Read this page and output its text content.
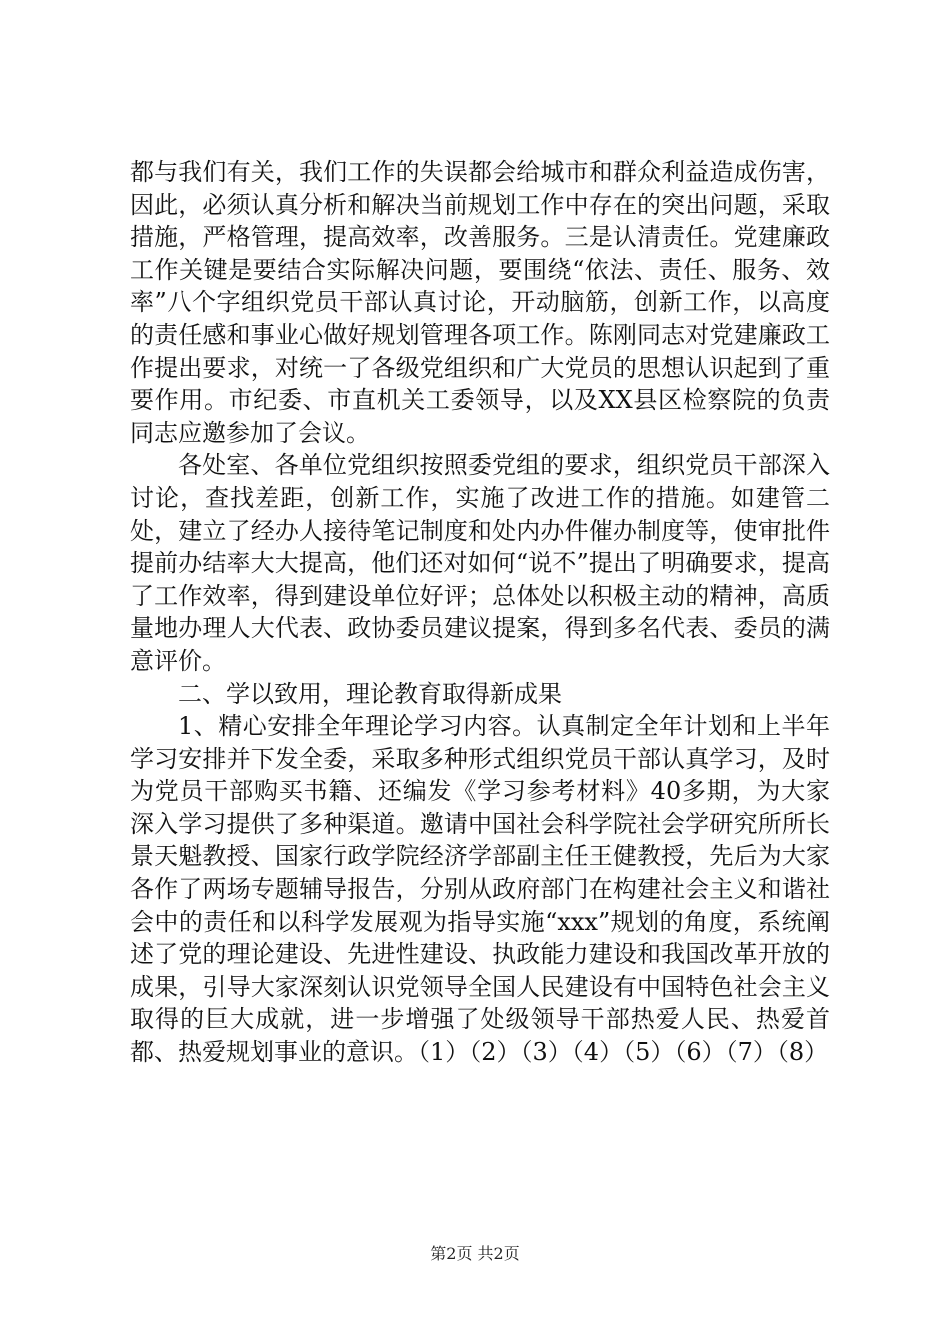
都与我们有关，我们工作的失误都会给城市和群众利益造成伤害，因此，必须认真分析和解决当前规划工作中存在的突出问题，采取措施，严格管理，提高效率，改善服务。三是认清责任。党建廉政工作关键是要结合实际解决问题，要围绕“依法、责任、服务、效率”八个字组织党员干部认真讨论，开动脑筋，创新工作，以高度的责任感和事业心做好规划管理各项工作。陈刚同志对党建廉政工作提出要求，对统一了各级党组织和广大党员的思想认识起到了重要作用。市纪委、市直机关工委领导，以及XX县区检察院的负责同志应邀参加了会议。

各处室、各单位党组织按照委党组的要求，组织党员干部深入讨论，查找差距，创新工作，实施了改进工作的措施。如建管二处，建立了经办人接待笔记制度和处内办件催办制度等，使审批件提前办结率大大提高，他们还对如何“说不”提出了明确要求，提高了工作效率，得到建设单位好评；总体处以积极主动的精神，高质量地办理人大代表、政协委员建议提案，得到多名代表、委员的满意评价。

二、学以致用，理论教育取得新成果

1、精心安排全年理论学习内容。认真制定全年计划和上半年学习安排并下发全委，采取多种形式组织党员干部认真学习，及时为党员干部购买书籍、还编发《学习参考材料》40多期，为大家深入学习提供了多种渠道。邀请中国社会科学院社会学研究所所长景天魁教授、国家行政学院经济学部副主任王健教授，先后为大家各作了两场专题辅导报告，分别从政府部门在构建社会主义和谐社会中的责任和以科学发展观为指导实施“xxx”规划的角度，系统阐述了党的理论建设、先进性建设、执政能力建设和我国改革开放的成果，引导大家深刻认识党领导全国人民建设有中国特色社会主义取得的巨大成就，进一步增强了处级领导干部热爱人民、热爱首都、热爱规划事业的意识。（1）（2）（3）（4）（5）（6）（7）（8）

第2页 共2页
